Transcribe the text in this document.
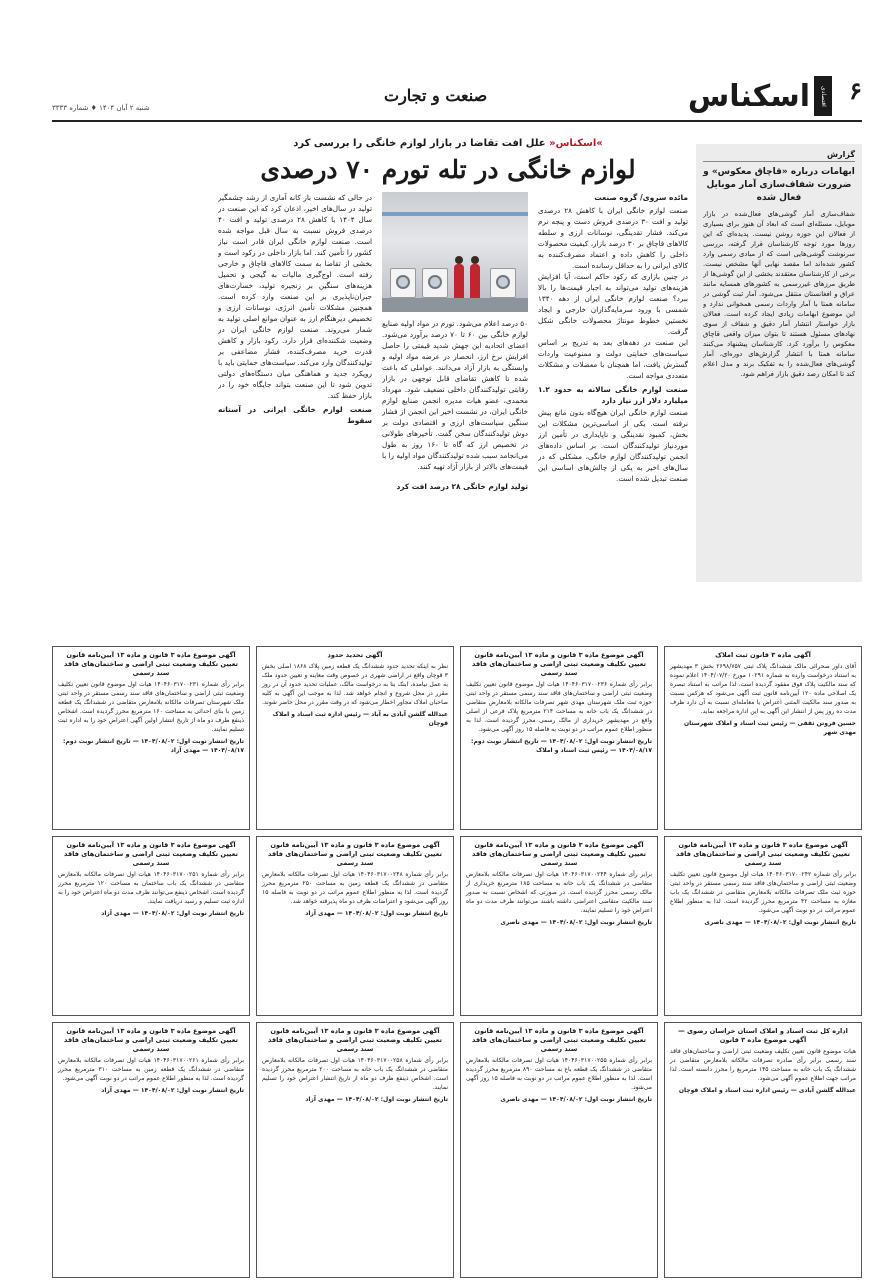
۶
اقتصادی
اسکناس
صنعت و تجارت
شنبه ۲ آبان ۱۴۰۴ ♦ شماره ۳۳۳۳
»اسکناس« علل افت تقاضا در بازار لوازم خانگی را بررسی کرد
لوازم خانگی در تله تورم ۷۰ درصدی
مائده سروی/ گروه صنعت

صنعت لوازم خانگی ایران با کاهش ۲۸ درصدی تولید و افت ۳۰ درصدی فروش دست و پنجه نرم می‌کند. فشار تقدینگی، نوسانات ارزی و سلطه کالاهای قاچاق بر ۳۰ درصد بازار، کیفیت محصولات داخلی را کاهش داده و اعتماد مصرف‌کننده به کالای ایرانی را به حداقل رسانده است.

در چنین بازاری که رکود حاکم است، آیا افزایش هزینه‌های تولید می‌تواند به اجبار قیمت‌ها را بالا ببرد؟ صنعت لوازم خانگی ایران از دهه ۱۳۴۰ شمسی با ورود سرمایه‌گذاران خارجی و ایجاد نخستین خطوط مونتاژ محصولات خانگی شکل گرفت.

این صنعت در دهه‌های بعد به تدریج بر اساس سیاست‌های حمایتی دولت و ممنوعیت واردات گسترش یافت، اما همچنان با معضلات و مشکلات متعددی مواجه است.

صنعت لوازم خانگی سالانه به حدود ۱.۲ میلیارد دلار ارز نیاز دارد

صنعت لوازم خانگی ایران هیچ‌گاه بدون مانع پیش نرفته است. یکی از اساسی‌ترین مشکلات این بخش، کمبود نقدینگی و ناپایداری در تأمین ارز موردنیاز تولیدکنندگان است. بر اساس داده‌های انجمن تولیدکنندگان لوازم خانگی، مشکلی که در سال‌های اخیر به یکی از چالش‌های اساسی این صنعت تبدیل شده است.

۵۰ درصد اعلام می‌شود. تورم در مواد اولیه صنایع لوازم خانگی بین ۶۰ تا ۷۰ درصد برآورد می‌شود. اعضای اتحادیه این جهش شدید قیمتی را حاصل افزایش نرخ ارز، انحصار در عرضه مواد اولیه و وابستگی به بازار آزاد می‌دانند. عواملی که باعث شده تا کاهش تقاضای قابل توجهی در بازار رقابتی تولیدکنندگان داخلی تضعیف شود. مهرداد محمدی، عضو هیات مدیره انجمن صنایع لوازم خانگی ایران، در نشست اخیر این انجمن از فشار سنگین سیاست‌های ارزی و اقتصادی دولت بر دوش تولیدکنندگان سخن گفت. تأخیرهای طولانی در تخصیص ارز که گاه تا ۱۶۰ روز به طول می‌انجامد سبب شده تولیدکنندگان مواد اولیه را با قیمت‌های بالاتر از بازار آزاد تهیه کنند.

تولید لوازم خانگی ۲۸ درصد افت کرد

در حالی که نشست باز کانه آماری از رشد چشمگیر تولید در سال‌های اخیر، اذعان کرد که این صنعت در سال ۱۴۰۴ با کاهش ۲۸ درصدی تولید و افت ۴۰ درصدی فروش نسبت به سال قبل مواجه شده است. صنعت لوازم خانگی ایران قادر است نیاز کشور را تأمین کند. اما بازار داخلی در رکود است و بخشی از تقاضا به سمت کالاهای قاچاق و خارجی رفته است. اوج‌گیری مالیات به گیجی و تحمیل هزینه‌های سنگین بر زنجیره تولید، خسارت‌های جبران‌ناپذیری بر این صنعت وارد کرده است. همچنین مشکلات تأمین انرژی، نوسانات ارزی و تخصیص دیرهنگام ارز به عنوان موانع اصلی تولید به شمار می‌روند. صنعت لوازم خانگی ایران در وضعیت شکننده‌ای قرار دارد. رکود بازار و کاهش قدرت خرید مصرف‌کننده، فشار مضاعفی بر تولیدکنندگان وارد می‌کند. سیاست‌های حمایتی باید با رویکرد جدید و هماهنگی میان دستگاه‌های دولتی تدوین شود تا این صنعت بتواند جایگاه خود را در بازار حفظ کند.

صنعت لوازم خانگی ایرانی در آستانه سقوط
گزارش
ابهامات درباره «قاچاق معکوس» و ضرورت شفاف‌سازی آمار موبایل فعال شده
شفاف‌سازی آمار گوشی‌های فعال‌شده در بازار موبایل، مسئله‌ای است که ابعاد آن هنوز برای بسیاری از فعالان این حوزه روشن نیست. پدیده‌ای که این روزها مورد توجه کارشناسان قرار گرفته، بررسی سرنوشت گوشی‌هایی است که از مبادی رسمی وارد کشور شده‌اند اما مقصد نهایی آنها مشخص نیست. برخی از کارشناسان معتقدند بخشی از این گوشی‌ها از طریق مرزهای غیررسمی به کشورهای همسایه مانند عراق و افغانستان منتقل می‌شود. آمار ثبت گوشی در سامانه همتا با آمار واردات رسمی همخوانی ندارد و این موضوع ابهامات زیادی ایجاد کرده است. فعالان بازار خواستار انتشار آمار دقیق و شفاف از سوی نهادهای مسئول هستند تا بتوان میزان واقعی قاچاق معکوس را برآورد کرد. کارشناسان پیشنهاد می‌کنند سامانه همتا با انتشار گزارش‌های دوره‌ای، آمار گوشی‌های فعال‌شده را به تفکیک برند و مدل اعلام کند تا امکان رصد دقیق بازار فراهم شود.
آگهی ماده ۳ قانون ثبت املاک
آقای داور صحرائی مالک ششدانگ پلاک ثبتی ۲۶۹۸/۷۵۷ بخش ۳ مهدیشهر به استناد درخواست وارده به شماره ۱۰۲۹۱ مورخ ۱۴۰۴/۰۷/۲۰ اعلام نموده که سند مالکیت پلاک فوق مفقود گردیده است. لذا مراتب به استناد تبصره یک اصلاحی ماده ۱۲۰ آیین‌نامه قانون ثبت آگهی می‌شود که هرکس نسبت به صدور سند مالکیت المثنی اعتراض یا معامله‌ای نسبت به آن دارد ظرف مدت ده روز پس از انتشار این آگهی به این اداره مراجعه نماید.
حسین فروتن ثقفی — رئیس ثبت اسناد و املاک شهرستان مهدی شهر
آگهی موضوع ماده ۳ قانون و ماده ۱۳ آیین‌نامه قانون تعیین تکلیف وضعیت ثبتی اراضی و ساختمان‌های فاقد سند رسمی
برابر رأی شماره ۱۴۰۴۶۰۳۱۷۰۰۲۳۶ هیات اول موضوع قانون تعیین تکلیف وضعیت ثبتی اراضی و ساختمان‌های فاقد سند رسمی مستقر در واحد ثبتی حوزه ثبت ملک شهرستان مهدی شهر تصرفات مالکانه بلامعارض متقاضی در ششدانگ یک باب خانه به مساحت ۲۱۴ مترمربع پلاک فرعی از اصلی واقع در مهدیشهر خریداری از مالک رسمی محرز گردیده است. لذا به منظور اطلاع عموم مراتب در دو نوبت به فاصله ۱۵ روز آگهی می‌شود.
تاریخ انتشار نوبت اول: ۱۴۰۴/۰۸/۰۲ — تاریخ انتشار نوبت دوم: ۱۴۰۴/۰۸/۱۷ — رئیس ثبت اسناد و املاک
آگهی تحدید حدود
نظر به اینکه تحدید حدود ششدانگ یک قطعه زمین پلاک ۱۸۶۸ اصلی بخش ۳ قوچان واقع در اراضی شهری در خصوص وقت معاینه و تعیین حدود ملک به عمل نیامده، اینک بنا به درخواست مالک، عملیات تحدید حدود آن در روز مقرر در محل شروع و انجام خواهد شد. لذا به موجب این آگهی به کلیه صاحبان املاک مجاور اخطار می‌شود که در وقت مقرر در محل حاضر شوند.
عبدالله گلشن آبادی به آباد — رئیس اداره ثبت اسناد و املاک قوچان
آگهی موضوع ماده ۳ قانون و ماده ۱۳ آیین‌نامه قانون تعیین تکلیف وضعیت ثبتی اراضی و ساختمان‌های فاقد سند رسمی
برابر رأی شماره ۱۴۰۴۶۰۳۱۷۰۰۲۳۱ هیات اول موضوع قانون تعیین تکلیف وضعیت ثبتی اراضی و ساختمان‌های فاقد سند رسمی مستقر در واحد ثبتی ملک شهرستان تصرفات مالکانه بلامعارض متقاضی در ششدانگ یک قطعه زمین با بنای احداثی به مساحت ۱۶۰ مترمربع محرز گردیده است. اشخاص ذینفع ظرف دو ماه از تاریخ انتشار اولین آگهی اعتراض خود را به اداره ثبت تسلیم نمایند.
تاریخ انتشار نوبت اول: ۱۴۰۴/۰۸/۰۲ — تاریخ انتشار نوبت دوم: ۱۴۰۴/۰۸/۱۷ — مهدی آزاد
آگهی موضوع ماده ۳ قانون و ماده ۱۳ آیین‌نامه قانون تعیین تکلیف وضعیت ثبتی اراضی و ساختمان‌های فاقد سند رسمی
برابر رأی شماره ۱۴۰۴۶۰۳۱۷۰۰۲۴۲ هیات اول موضوع قانون تعیین تکلیف وضعیت ثبتی اراضی و ساختمان‌های فاقد سند رسمی مستقر در واحد ثبتی حوزه ثبت ملک تصرفات مالکانه بلامعارض متقاضی در ششدانگ یک باب مغازه به مساحت ۴۲ مترمربع محرز گردیده است. لذا به منظور اطلاع عموم مراتب در دو نوبت آگهی می‌شود.
تاریخ انتشار نوبت اول: ۱۴۰۴/۰۸/۰۲ — مهدی ناصری
آگهی موضوع ماده ۳ قانون و ماده ۱۳ آیین‌نامه قانون تعیین تکلیف وضعیت ثبتی اراضی و ساختمان‌های فاقد سند رسمی
برابر رأی شماره ۱۴۰۴۶۰۳۱۷۰۰۲۴۴ هیات اول تصرفات مالکانه بلامعارض متقاضی در ششدانگ یک باب خانه به مساحت ۱۸۵ مترمربع خریداری از مالک رسمی محرز گردیده است. در صورتی که اشخاص نسبت به صدور سند مالکیت متقاضی اعتراضی داشته باشند می‌توانند ظرف مدت دو ماه اعتراض خود را تسلیم نمایند.
تاریخ انتشار نوبت اول: ۱۴۰۴/۰۸/۰۲ — مهدی ناصری
آگهی موضوع ماده ۳ قانون و ماده ۱۳ آیین‌نامه قانون تعیین تکلیف وضعیت ثبتی اراضی و ساختمان‌های فاقد سند رسمی
برابر رأی شماره ۱۴۰۴۶۰۳۱۷۰۰۲۴۸ هیات اول تصرفات مالکانه بلامعارض متقاضی در ششدانگ یک قطعه زمین به مساحت ۲۵۰ مترمربع محرز گردیده است. لذا به منظور اطلاع عموم مراتب در دو نوبت به فاصله ۱۵ روز آگهی می‌شود و اعتراضات ظرف دو ماه پذیرفته خواهد شد.
تاریخ انتشار نوبت اول: ۱۴۰۴/۰۸/۰۲ — مهدی آزاد
آگهی موضوع ماده ۳ قانون و ماده ۱۳ آیین‌نامه قانون تعیین تکلیف وضعیت ثبتی اراضی و ساختمان‌های فاقد سند رسمی
برابر رأی شماره ۱۴۰۴۶۰۳۱۷۰۰۲۵۱ هیات اول تصرفات مالکانه بلامعارض متقاضی در ششدانگ یک باب ساختمان به مساحت ۱۲۰ مترمربع محرز گردیده است. اشخاص ذینفع می‌توانند ظرف مدت دو ماه اعتراض خود را به اداره ثبت تسلیم و رسید دریافت نمایند.
تاریخ انتشار نوبت اول: ۱۴۰۴/۰۸/۰۲ — مهدی آزاد
اداره کل ثبت اسناد و املاک استان خراسان رضوی — آگهی موضوع ماده ۳ قانون
هیات موضوع قانون تعیین تکلیف وضعیت ثبتی اراضی و ساختمان‌های فاقد سند رسمی برابر رأی صادره تصرفات مالکانه بلامعارض متقاضی در ششدانگ یک باب خانه به مساحت ۱۴۵ مترمربع را محرز دانسته است. لذا مراتب جهت اطلاع عموم آگهی می‌شود.
عبدالله گلشن آبادی — رئیس اداره ثبت اسناد و املاک قوچان
آگهی موضوع ماده ۳ قانون و ماده ۱۳ آیین‌نامه قانون تعیین تکلیف وضعیت ثبتی اراضی و ساختمان‌های فاقد سند رسمی
برابر رأی شماره ۱۴۰۴۶۰۳۱۷۰۰۲۵۵ هیات اول تصرفات مالکانه بلامعارض متقاضی در ششدانگ یک قطعه باغ به مساحت ۸۹۰ مترمربع محرز گردیده است. لذا به منظور اطلاع عموم مراتب در دو نوبت به فاصله ۱۵ روز آگهی می‌شود.
تاریخ انتشار نوبت اول: ۱۴۰۴/۰۸/۰۲ — مهدی ناصری
آگهی موضوع ماده ۳ قانون و ماده ۱۳ آیین‌نامه قانون تعیین تکلیف وضعیت ثبتی اراضی و ساختمان‌های فاقد سند رسمی
برابر رأی شماره ۱۴۰۴۶۰۳۱۷۰۰۲۵۸ هیات اول تصرفات مالکانه بلامعارض متقاضی در ششدانگ یک باب خانه به مساحت ۲۰۰ مترمربع محرز گردیده است. اشخاص ذینفع ظرف دو ماه از تاریخ انتشار اعتراض خود را تسلیم نمایند.
تاریخ انتشار نوبت اول: ۱۴۰۴/۰۸/۰۲ — مهدی آزاد
آگهی موضوع ماده ۳ قانون و ماده ۱۳ آیین‌نامه قانون تعیین تکلیف وضعیت ثبتی اراضی و ساختمان‌های فاقد سند رسمی
برابر رأی شماره ۱۴۰۴۶۰۳۱۷۰۰۲۶۱ هیات اول تصرفات مالکانه بلامعارض متقاضی در ششدانگ یک قطعه زمین به مساحت ۳۱۰ مترمربع محرز گردیده است. لذا به منظور اطلاع عموم مراتب در دو نوبت آگهی می‌شود.
تاریخ انتشار نوبت اول: ۱۴۰۴/۰۸/۰۲ — مهدی آزاد
